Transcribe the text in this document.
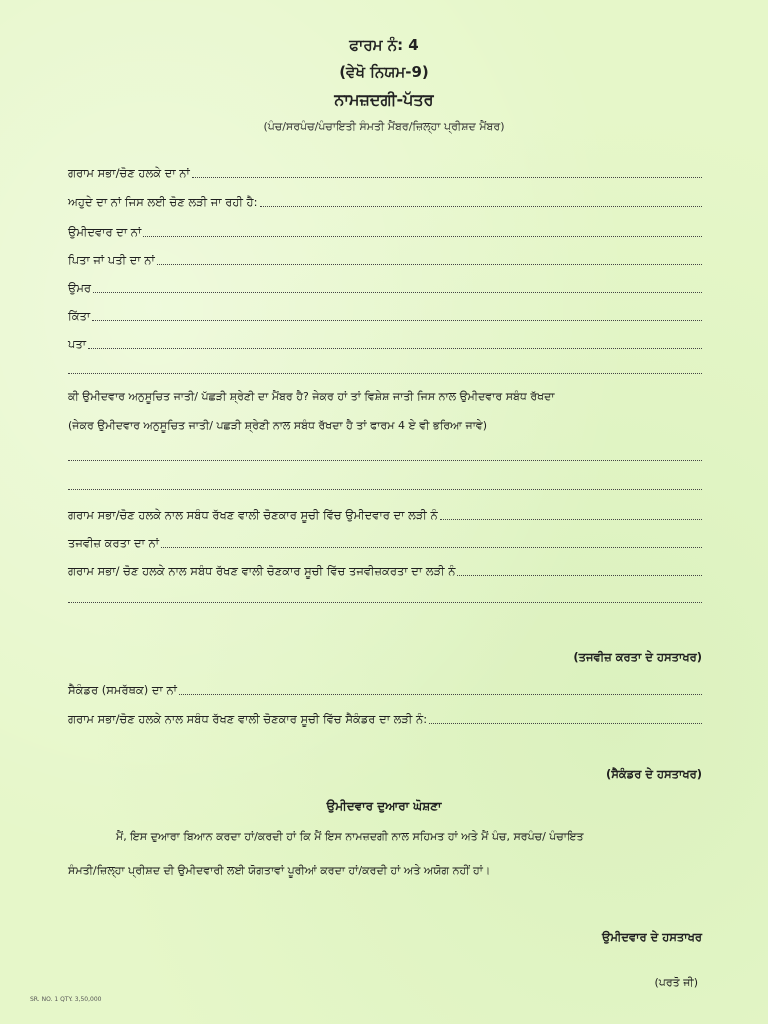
ਫਾਰਮ ਨੰ: 4
(ਵੇਖੋ ਨਿਯਮ-9)
ਨਾਮਜ਼ਦਗੀ-ਪੱਤਰ
(ਪੰਚ/ਸਰਪੰਚ/ਪੰਚਾਇਤੀ ਸੰਮਤੀ ਮੈਂਬਰ/ਜ਼ਿਲ੍ਹਾ ਪ੍ਰੀਸ਼ਦ ਮੈਂਬਰ)
ਗਰਾਮ ਸਭਾ/ਚੋਣ ਹਲਕੇ ਦਾ ਨਾਂ
ਅਹੁਦੇ ਦਾ ਨਾਂ ਜਿਸ ਲਈ ਚੋਣ ਲੜੀ ਜਾ ਰਹੀ ਹੈ:
ਉਮੀਦਵਾਰ ਦਾ ਨਾਂ
ਪਿਤਾ ਜਾਂ ਪਤੀ ਦਾ ਨਾਂ
ਉਮਰ
ਕਿੱਤਾ
ਪਤਾ
ਕੀ ਉਮੀਦਵਾਰ ਅਨੁਸੂਚਿਤ ਜਾਤੀ/ ਪੱਛੜੀ ਸ਼੍ਰੇਣੀ ਦਾ ਮੈਂਬਰ ਹੈ? ਜੇਕਰ ਹਾਂ ਤਾਂ ਵਿਸ਼ੇਸ਼ ਜਾਤੀ ਜਿਸ ਨਾਲ ਉਮੀਦਵਾਰ ਸਬੰਧ ਰੱਖਦਾ
(ਜੇਕਰ ਉਮੀਦਵਾਰ ਅਨੁਸੂਚਿਤ ਜਾਤੀ/ ਪਛੜੀ ਸ਼੍ਰੇਣੀ ਨਾਲ ਸਬੰਧ ਰੱਖਦਾ ਹੈ ਤਾਂ ਫਾਰਮ 4 ਏ ਵੀ ਭਰਿਆ ਜਾਵੇ)
ਗਰਾਮ ਸਭਾ/ਚੋਣ ਹਲਕੇ ਨਾਲ ਸਬੰਧ ਰੱਖਣ ਵਾਲੀ ਚੋਣਕਾਰ ਸੂਚੀ ਵਿੱਚ ਉਮੀਦਵਾਰ ਦਾ ਲੜੀ ਨੰ
ਤਜਵੀਜ਼ ਕਰਤਾ ਦਾ ਨਾਂ
ਗਰਾਮ ਸਭਾ/ ਚੋਣ ਹਲਕੇ ਨਾਲ ਸਬੰਧ ਰੱਖਣ ਵਾਲੀ ਚੋਣਕਾਰ ਸੂਚੀ ਵਿੱਚ ਤਜਵੀਜ਼ਕਰਤਾ ਦਾ ਲੜੀ ਨੰ
(ਤਜਵੀਜ਼ ਕਰਤਾ ਦੇ ਹਸਤਾਖਰ)
ਸੈਕੰਡਰ (ਸਮਰੱਥਕ) ਦਾ ਨਾਂ
ਗਰਾਮ ਸਭਾ/ਚੋਣ ਹਲਕੇ ਨਾਲ ਸਬੰਧ ਰੱਖਣ ਵਾਲੀ ਚੋਣਕਾਰ ਸੂਚੀ ਵਿੱਚ ਸੈਕੰਡਰ ਦਾ ਲੜੀ ਨੰ:
(ਸੈਕੰਡਰ ਦੇ ਹਸਤਾਖਰ)
ਉਮੀਦਵਾਰ ਦੁਆਰਾ ਘੋਸ਼ਣਾ
ਮੈਂ, ਇਸ ਦੁਆਰਾ ਬਿਆਨ ਕਰਦਾ ਹਾਂ/ਕਰਦੀ ਹਾਂ ਕਿ ਮੈਂ ਇਸ ਨਾਮਜ਼ਦਗੀ ਨਾਲ ਸਹਿਮਤ ਹਾਂ ਅਤੇ ਮੈਂ ਪੰਚ, ਸਰਪੰਚ/ ਪੰਚਾਇਤ
ਸੰਮਤੀ/ਜ਼ਿਲ੍ਹਾ ਪ੍ਰੀਸ਼ਦ ਦੀ ਉਮੀਦਵਾਰੀ ਲਈ ਯੋਗਤਾਵਾਂ ਪੂਰੀਆਂ ਕਰਦਾ ਹਾਂ/ਕਰਦੀ ਹਾਂ ਅਤੇ ਅਯੋਗ ਨਹੀਂ ਹਾਂ।
ਉਮੀਦਵਾਰ ਦੇ ਹਸਤਾਖਰ
(ਪਰਤੋ ਜੀ)
SR. NO. 1 QTY. 3,50,000
